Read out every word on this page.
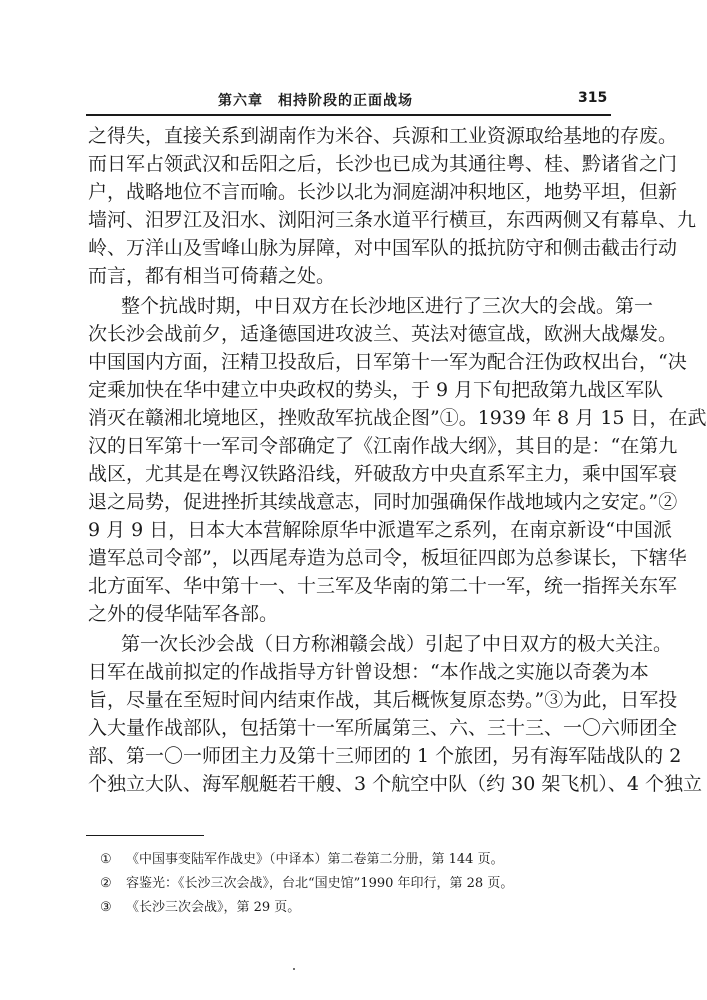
第六章　相持阶段的正面战场	315
之得失，直接关系到湖南作为米谷、兵源和工业资源取给基地的存废。
而日军占领武汉和岳阳之后，长沙也已成为其通往粤、桂、黔诸省之门
户，战略地位不言而喻。长沙以北为洞庭湖冲积地区，地势平坦，但新
墙河、汨罗江及汨水、浏阳河三条水道平行横亘，东西两侧又有幕阜、九
岭、万洋山及雪峰山脉为屏障，对中国军队的抵抗防守和侧击截击行动
而言，都有相当可倚藉之处。
整个抗战时期，中日双方在长沙地区进行了三次大的会战。第一
次长沙会战前夕，适逢德国进攻波兰、英法对德宣战，欧洲大战爆发。
中国国内方面，汪精卫投敌后，日军第十一军为配合汪伪政权出台，“决
定乘加快在华中建立中央政权的势头，于 9 月下旬把敌第九战区军队
消灭在赣湘北境地区，挫败敌军抗战企图”①。1939 年 8 月 15 日，在武
汉的日军第十一军司令部确定了《江南作战大纲》，其目的是：“在第九
战区，尤其是在粤汉铁路沿线，歼破敌方中央直系军主力，乘中国军衰
退之局势，促进挫折其续战意志，同时加强确保作战地域内之安定。”②
9 月 9 日，日本大本营解除原华中派遣军之系列，在南京新设“中国派
遣军总司令部”，以西尾寿造为总司令，板垣征四郎为总参谋长，下辖华
北方面军、华中第十一、十三军及华南的第二十一军，统一指挥关东军
之外的侵华陆军各部。
第一次长沙会战（日方称湘赣会战）引起了中日双方的极大关注。
日军在战前拟定的作战指导方针曾设想：“本作战之实施以奇袭为本
旨，尽量在至短时间内结束作战，其后概恢复原态势。”③为此，日军投
入大量作战部队，包括第十一军所属第三、六、三十三、一〇六师团全
部、第一〇一师团主力及第十三师团的 1 个旅团，另有海军陆战队的 2
个独立大队、海军舰艇若干艘、3 个航空中队（约 30 架飞机）、4 个独立
① 《中国事变陆军作战史》（中译本）第二卷第二分册，第 144 页。
② 容鉴光：《长沙三次会战》，台北“国史馆”1990 年印行，第 28 页。
③ 《长沙三次会战》，第 29 页。
